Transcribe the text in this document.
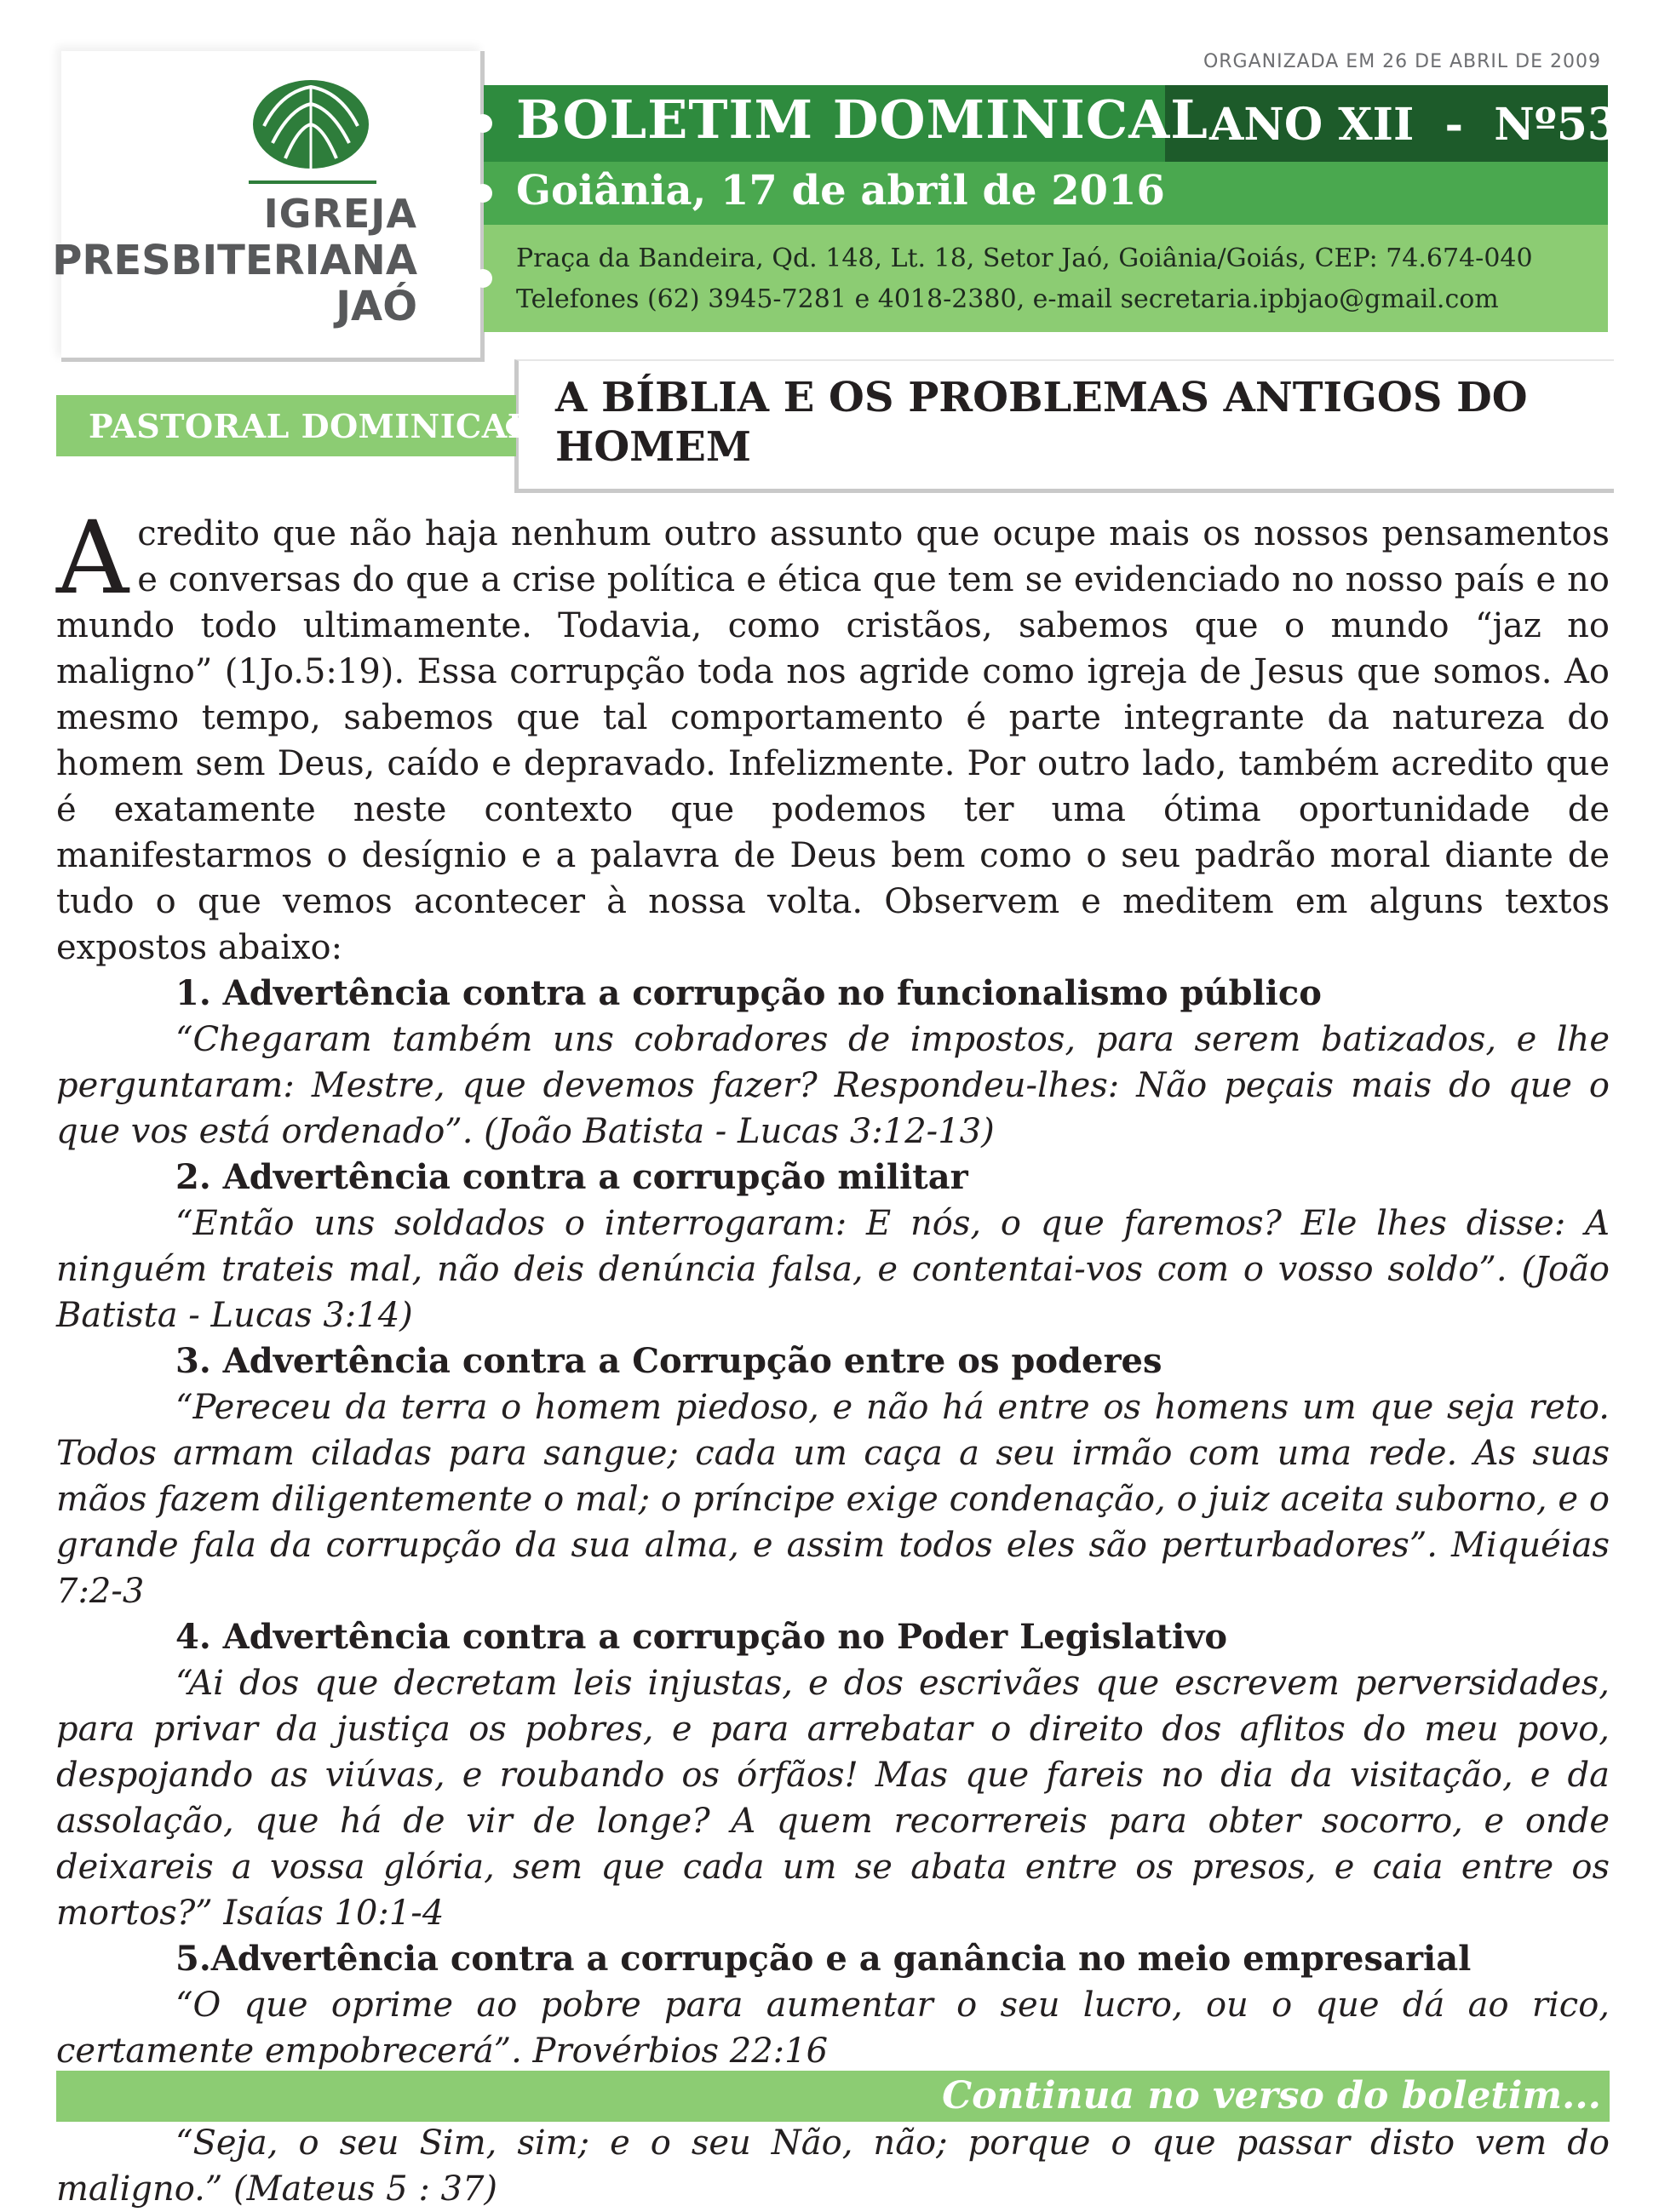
IGREJA
PRESBITERIANA
JAÓ
ORGANIZADA EM 26 DE ABRIL DE 2009
BOLETIM DOMINICAL ANO XII  -  Nº539
Goiânia, 17 de abril de 2016
Praça da Bandeira, Qd. 148, Lt. 18, Setor Jaó, Goiânia/Goiás, CEP: 74.674-040
Telefones (62) 3945-7281 e 4018-2380, e-mail secretaria.ipbjao@gmail.com
PASTORAL DOMINICAL
A BÍBLIA E OS PROBLEMAS ANTIGOS DO HOMEM

Acredito que não haja nenhum outro assunto que ocupe mais os nossos pensamentos e conversas do que a crise política e ética que tem se evidenciado no nosso país e no mundo todo ultimamente. Todavia, como cristãos, sabemos que o mundo “jaz no maligno” (1Jo.5:19). Essa corrupção toda nos agride como igreja de Jesus que somos. Ao mesmo tempo, sabemos que tal comportamento é parte integrante da natureza do homem sem Deus, caído e depravado. Infelizmente. Por outro lado, também acredito que é exatamente neste contexto que podemos ter uma ótima oportunidade de manifestarmos o desígnio e a palavra de Deus bem como o seu padrão moral diante de tudo o que vemos acontecer à nossa volta. Observem e meditem em alguns textos expostos abaixo:

1. Advertência contra a corrupção no funcionalismo público

“Chegaram também uns cobradores de impostos, para serem batizados, e lhe perguntaram: Mestre, que devemos fazer? Respondeu-lhes: Não peçais mais do que o que vos está ordenado”. (João Batista - Lucas 3:12-13)

2. Advertência contra a corrupção militar

“Então uns soldados o interrogaram: E nós, o que faremos? Ele lhes disse: A ninguém trateis mal, não deis denúncia falsa, e contentai-vos com o vosso soldo”. (João Batista - Lucas 3:14)

3. Advertência contra a Corrupção entre os poderes

“Pereceu da terra o homem piedoso, e não há entre os homens um que seja reto. Todos armam ciladas para sangue; cada um caça a seu irmão com uma rede. As suas mãos fazem diligentemente o mal; o príncipe exige condenação, o juiz aceita suborno, e o grande fala da corrupção da sua alma, e assim todos eles são perturbadores”. Miquéias 7:2-3

4. Advertência contra a corrupção no Poder Legislativo

“Ai dos que decretam leis injustas, e dos escrivães que escrevem perversidades, para privar da justiça os pobres, e para arrebatar o direito dos aflitos do meu povo, despojando as viúvas, e roubando os órfãos! Mas que fareis no dia da visitação, e da assolação, que há de vir de longe? A quem recorrereis para obter socorro, e onde deixareis a vossa glória, sem que cada um se abata entre os presos, e caia entre os mortos?” Isaías 10:1-4

5.Advertência contra a corrupção e a ganância no meio empresarial

“O que oprime ao pobre para aumentar o seu lucro, ou o que dá ao rico, certamente empobrecerá”. Provérbios 22:16

“Seja, o seu Sim, sim; e o seu Não, não; porque o que passar disto vem do maligno.” (Mateus 5 : 37)

Continua no verso do boletim...
